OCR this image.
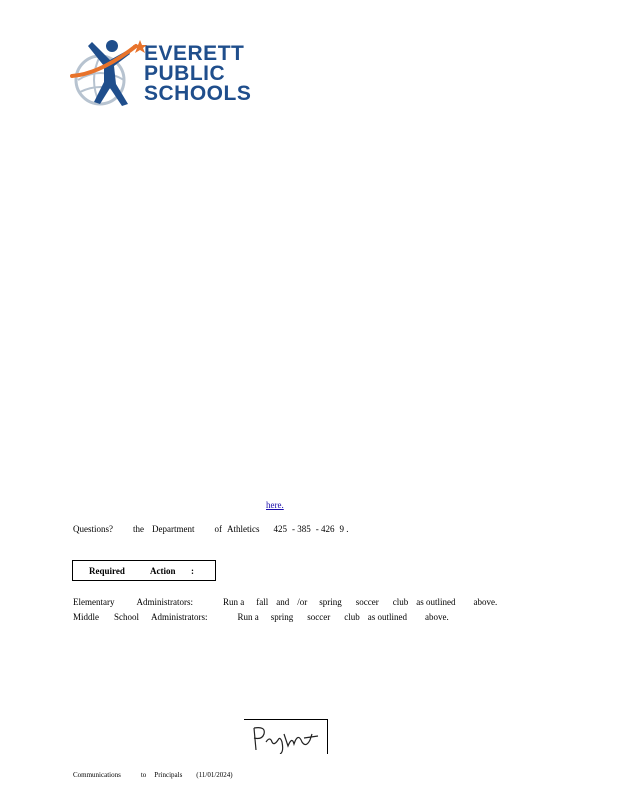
EVERETT
PUBLIC
SCHOOLS
here.
Questions? the Department of Athletics 425 - 385 - 426 9 .
Required	Action :
Elementary Administrators:	Run a fall and /or spring soccer club as outlined above.
Middle School Administrators:	Run a spring soccer club as outlined above.
Communications	to Principals (11/01/2024)
